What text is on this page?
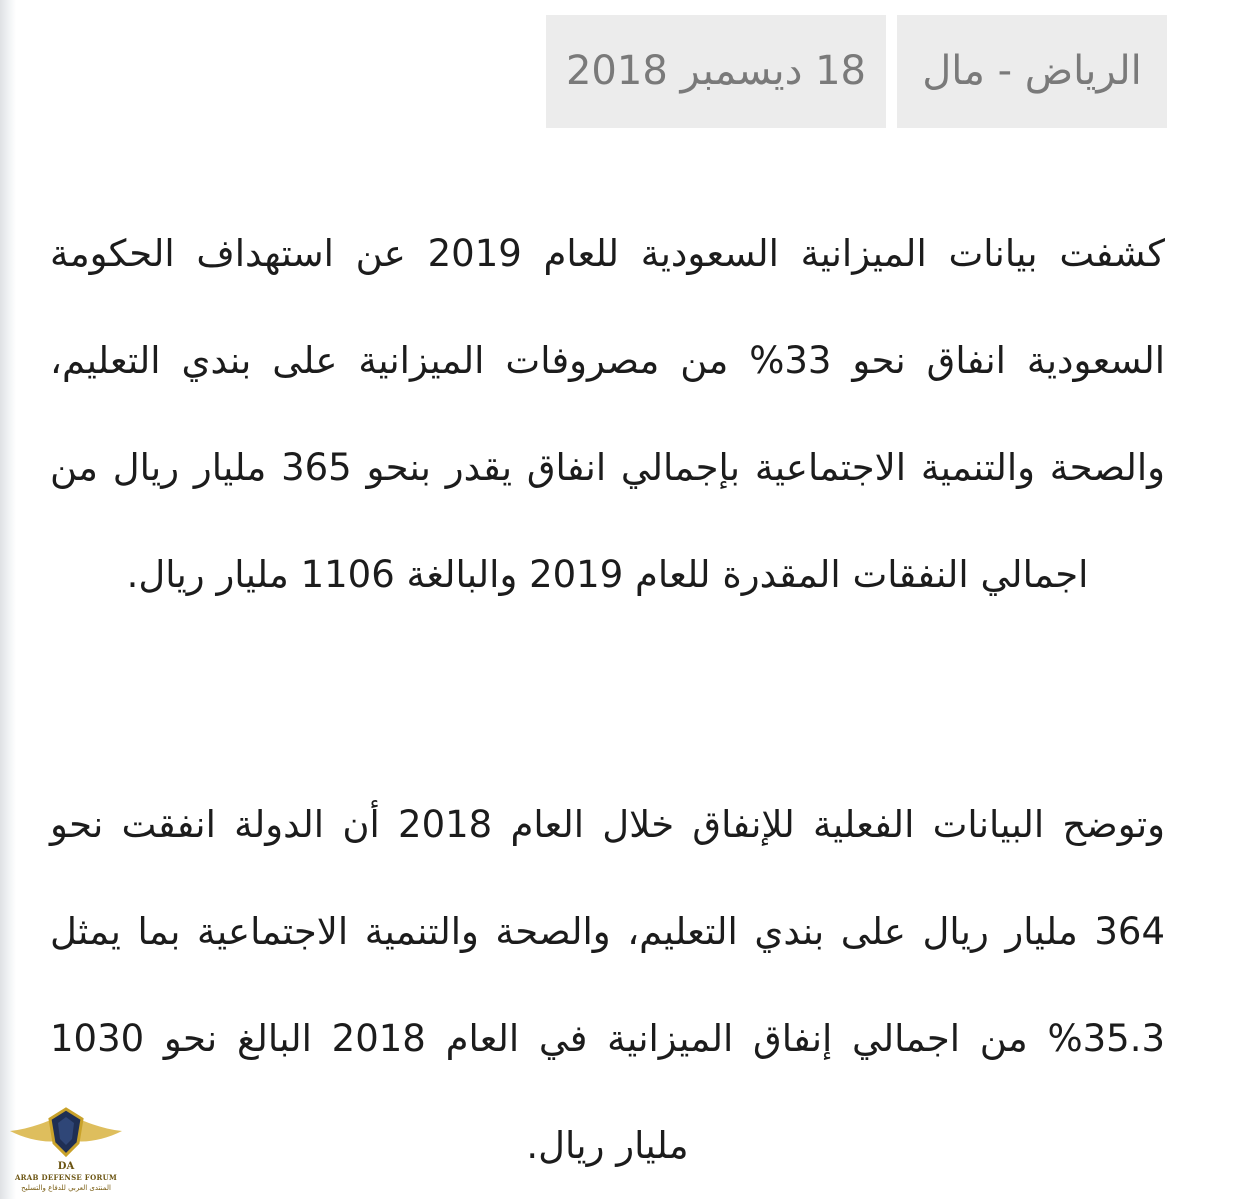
الرياض - مال
18 ديسمبر 2018

كشفت بيانات الميزانية السعودية للعام 2019 عن استهداف الحكومة السعودية انفاق نحو 33% من مصروفات الميزانية على بندي التعليم، والصحة والتنمية الاجتماعية بإجمالي انفاق يقدر بنحو 365 مليار ريال من اجمالي النفقات المقدرة للعام 2019 والبالغة 1106 مليار ريال.

وتوضح البيانات الفعلية للإنفاق خلال العام 2018 أن الدولة انفقت نحو 364 مليار ريال على بندي التعليم، والصحة والتنمية الاجتماعية بما يمثل 35.3% من اجمالي إنفاق الميزانية في العام 2018 البالغ نحو 1030 مليار ريال.

DA
ARAB DEFENSE FORUM
المنتدى العربي للدفاع والتسليح
